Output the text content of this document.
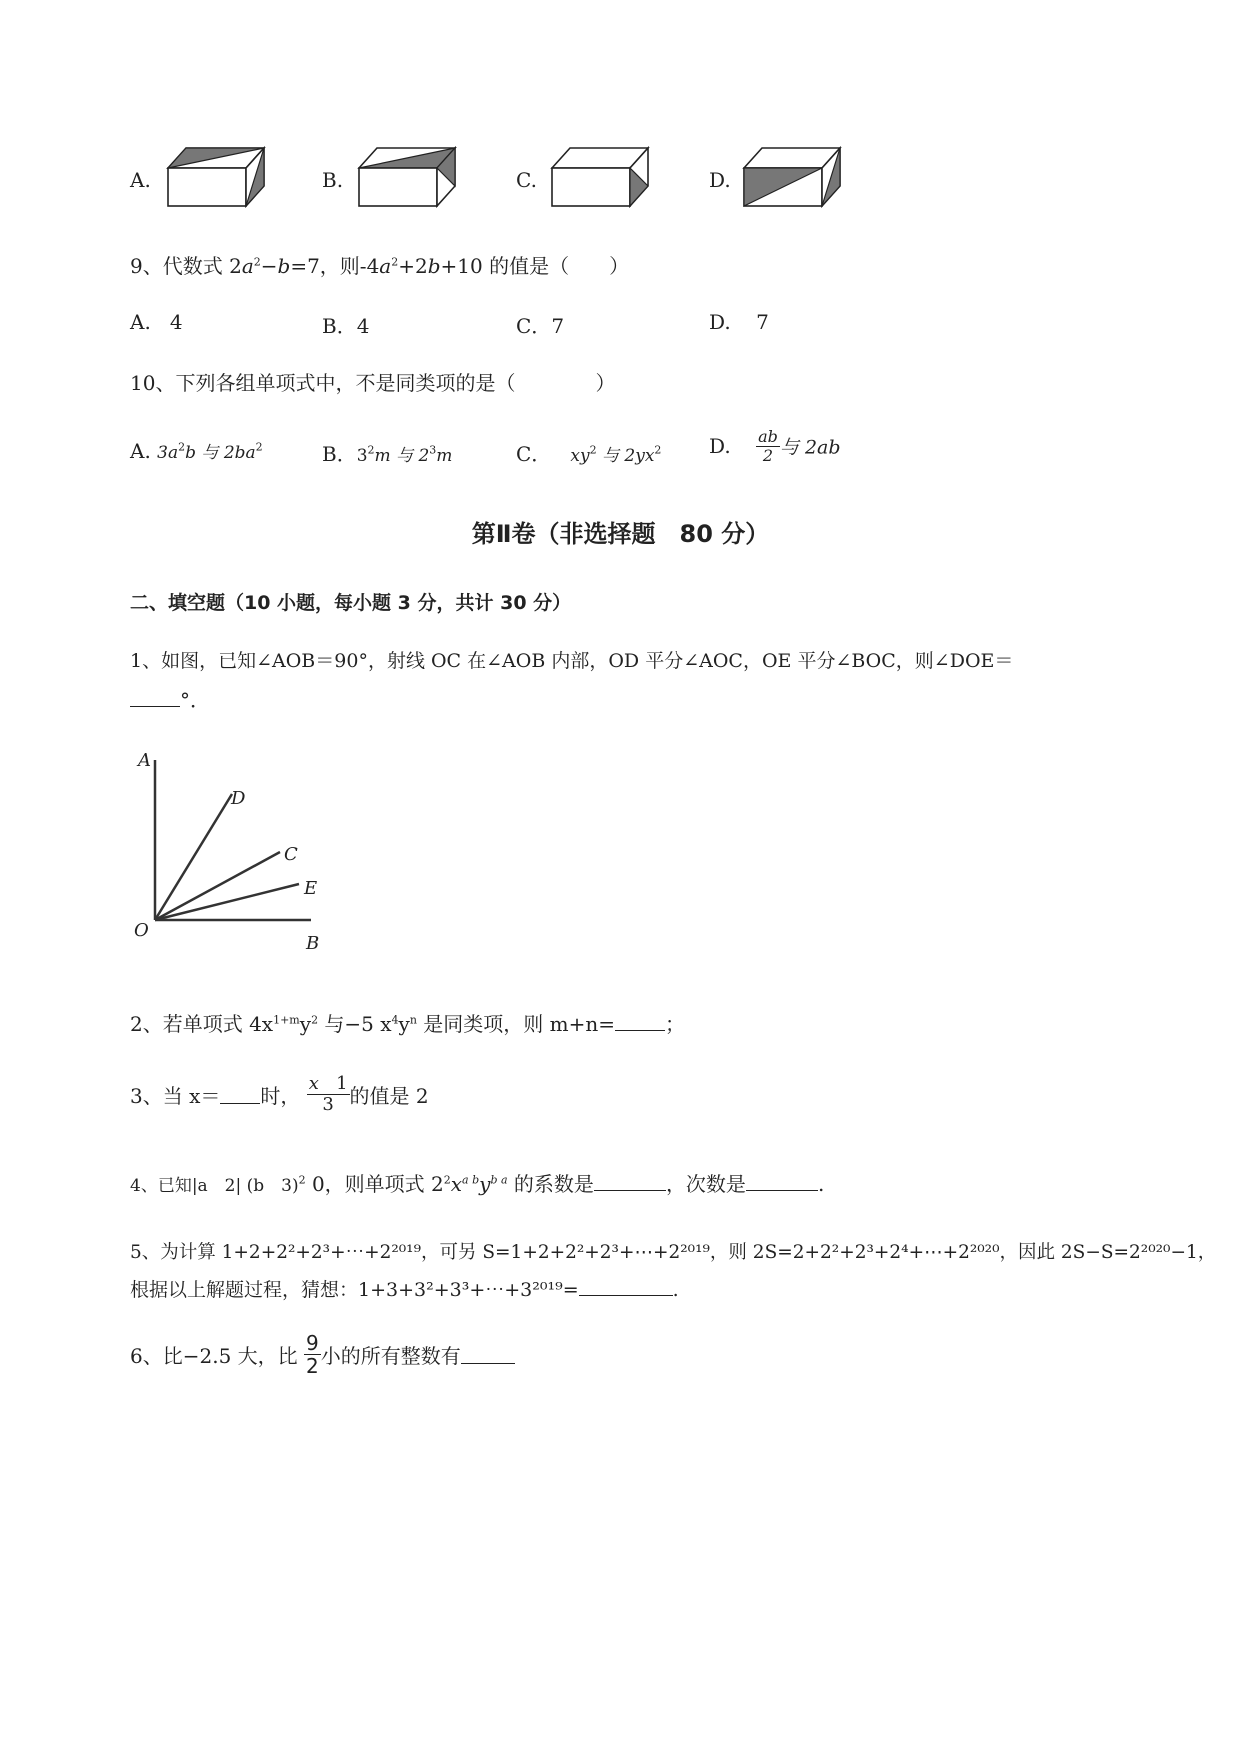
A.	B.	C.	D.
9、代数式 $2a^2-b=7$，则$-4a^2+2b+10$ 的值是（　　）
A. 4	B．4	C．7	D. 7
10、下列各组单项式中，不是同类项的是（　　　　）
A. $3a^2b$ 与 $2ba^2$	B．$3^2m$ 与 $2^3m$	C． $xy^2$ 与 $2yx^2$ D. $\frac{ab}{2}$ 与 2ab
第Ⅱ卷（非选择题　80 分）
二、填空题（10 小题，每小题 3 分，共计 30 分）
1、如图，已知∠AOB＝90°，射线 OC 在∠AOB 内部，OD 平分∠AOC，OE 平分∠BOC，则∠DOE＝
°．
A
D
C
E
O
B
2、若单项式 $4x^{1+m}y^2$ 与−5 $x^4y^n$ 是同类项，则 m+n=	；
3、当 x＝ 时， $\frac{x 1}{3}$ 的值是 2
4、已知|a　2| (b　3)$^2$ 0，则单项式 $2^2x^{a b}y^{b a}$ 的系数是	，次数是	.
5、为计算 1+2+2²+2³+⋯+2²⁰¹⁹，可另 S=1+2+2²+2³+⋯+2²⁰¹⁹，则 2S=2+2²+2³+2⁴+⋯+2²⁰²⁰，因此 2S−S=2²⁰²⁰−1，
根据以上解题过程，猜想：1+3+3²+3³+⋯+3²⁰¹⁹=	.
6、比−2.5 大，比 $\frac{9}{2}$ 小的所有整数有
